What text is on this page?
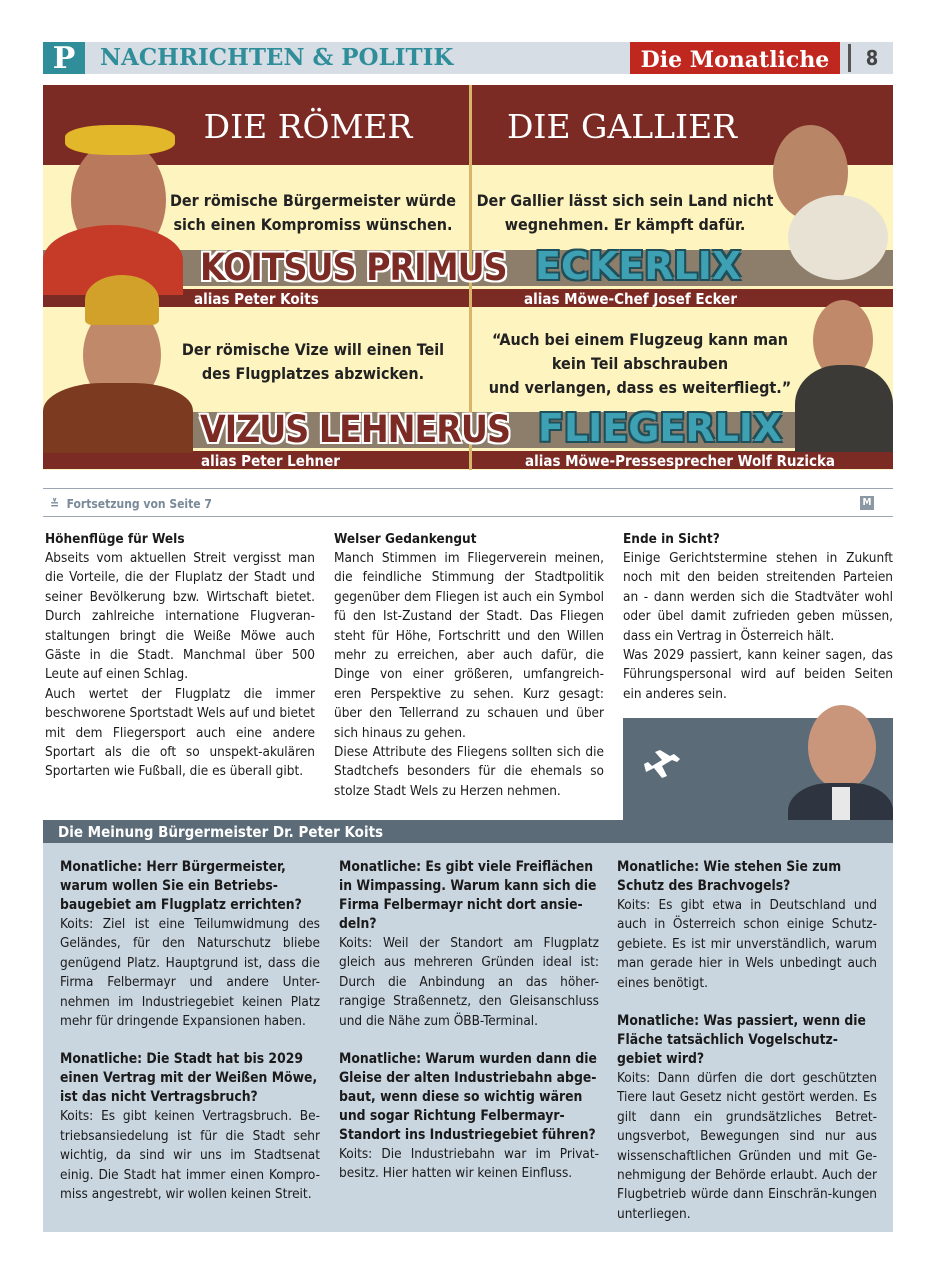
P	NACHRICHTEN & POLITIK	Die Monatliche	8
DIE RÖMER	DIE GALLIER
Der römische Bürgermeister würde
sich einen Kompromiss wünschen.
Der Gallier lässt sich sein Land nicht
wegnehmen. Er kämpft dafür.
KOITSUS PRIMUS ECKERLIX
alias Peter Koits	alias Möwe-Chef Josef Ecker
Der römische Vize will einen Teil
des Flugplatzes abzwicken.
“Auch bei einem Flugzeug kann man
kein Teil abschrauben
und verlangen, dass es weiterfliegt.”
VIZUS LEHNERUS FLIEGERLIX
alias Peter Lehner	alias Möwe-Pressesprecher Wolf Ruzicka
≚ Fortsetzung von Seite 7	M

Höhenflüge für Wels

Abseits vom aktuellen Streit vergisst man die Vorteile, die der Fluplatz der Stadt und seiner Bevölkerung bzw. Wirtschaft bietet. Durch zahlreiche internatione Flugveran-staltungen bringt die Weiße Möwe auch Gäste in die Stadt. Manchmal über 500 Leute auf einen Schlag.
Auch wertet der Flugplatz die immer beschworene Sportstadt Wels auf und bietet mit dem Fliegersport auch eine andere Sportart als die oft so unspekt-akulären Sportarten wie Fußball, die es überall gibt.

Welser Gedankengut

Manch Stimmen im Fliegerverein meinen, die feindliche Stimmung der Stadtpolitik gegenüber dem Fliegen ist auch ein Symbol fü den Ist-Zustand der Stadt. Das Fliegen steht für Höhe, Fortschritt und den Willen mehr zu erreichen, aber auch dafür, die Dinge von einer größeren, umfangreich-eren Perspektive zu sehen. Kurz gesagt: über den Tellerrand zu schauen und über sich hinaus zu gehen.
Diese Attribute des Fliegens sollten sich die Stadtchefs besonders für die ehemals so stolze Stadt Wels zu Herzen nehmen.

Ende in Sicht?

Einige Gerichtstermine stehen in Zukunft noch mit den beiden streitenden Parteien an - dann werden sich die Stadtväter wohl oder übel damit zufrieden geben müssen, dass ein Vertrag in Österreich hält.
Was 2029 passiert, kann keiner sagen, das Führungspersonal wird auf beiden Seiten ein anderes sein.

Die Meinung Bürgermeister Dr. Peter Koits

Monatliche: Herr Bürgermeister, warum wollen Sie ein Betriebs-baugebiet am Flugplatz errichten?

Koits: Ziel ist eine Teilumwidmung des Geländes, für den Naturschutz bliebe genügend Platz. Hauptgrund ist, dass die Firma Felbermayr und andere Unter-nehmen im Industriegebiet keinen Platz mehr für dringende Expansionen haben.

Monatliche: Die Stadt hat bis 2029 einen Vertrag mit der Weißen Möwe, ist das nicht Vertragsbruch?

Koits: Es gibt keinen Vertragsbruch. Be-triebsansiedelung ist für die Stadt sehr wichtig, da sind wir uns im Stadtsenat einig. Die Stadt hat immer einen Kompro-miss angestrebt, wir wollen keinen Streit.

Monatliche: Es gibt viele Freiflächen in Wimpassing. Warum kann sich die Firma Felbermayr nicht dort ansie-deln?

Koits: Weil der Standort am Flugplatz gleich aus mehreren Gründen ideal ist: Durch die Anbindung an das höher-rangige Straßennetz, den Gleisanschluss und die Nähe zum ÖBB-Terminal.

Monatliche: Warum wurden dann die Gleise der alten Industriebahn abge-baut, wenn diese so wichtig wären und sogar Richtung Felbermayr-Standort ins Industriegebiet führen?

Koits: Die Industriebahn war im Privat-besitz. Hier hatten wir keinen Einfluss.

Monatliche: Wie stehen Sie zum Schutz des Brachvogels?

Koits: Es gibt etwa in Deutschland und auch in Österreich schon einige Schutz-gebiete. Es ist mir unverständlich, warum man gerade hier in Wels unbedingt auch eines benötigt.

Monatliche: Was passiert, wenn die Fläche tatsächlich Vogelschutz-gebiet wird?

Koits: Dann dürfen die dort geschützten Tiere laut Gesetz nicht gestört werden. Es gilt dann ein grundsätzliches Betret-ungsverbot, Bewegungen sind nur aus wissenschaftlichen Gründen und mit Ge-nehmigung der Behörde erlaubt. Auch der Flugbetrieb würde dann Einschrän-kungen unterliegen.
